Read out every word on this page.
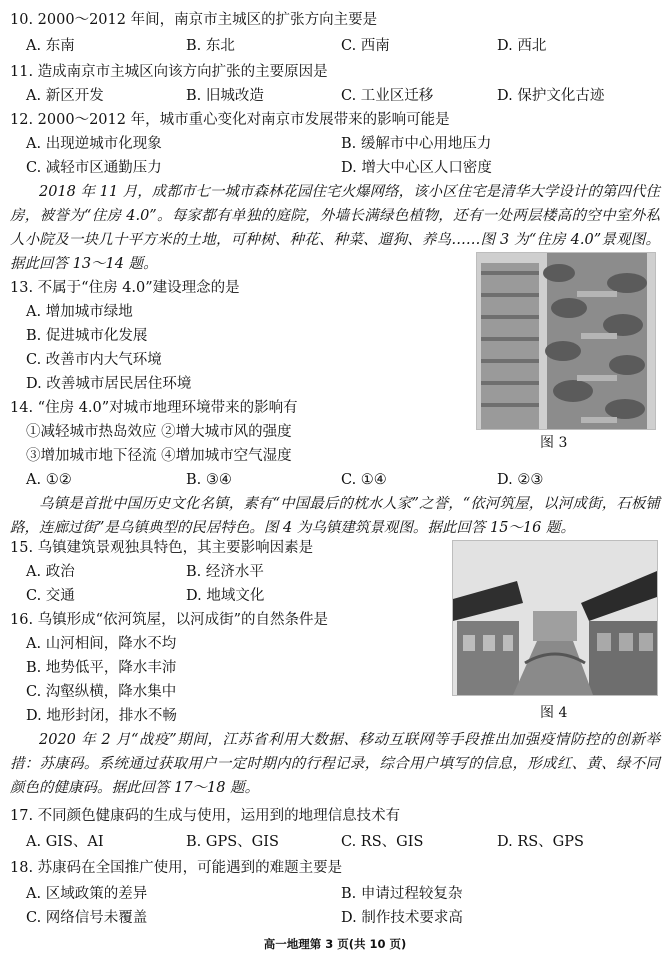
10. 2000～2012 年间，南京市主城区的扩张方向主要是
A. 东南	B. 东北	C. 西南	D. 西北
11. 造成南京市主城区向该方向扩张的主要原因是
A. 新区开发	B. 旧城改造	C. 工业区迁移	D. 保护文化古迹
12. 2000～2012 年，城市重心变化对南京市发展带来的影响可能是
A. 出现逆城市化现象	B. 缓解市中心用地压力
C. 减轻市区通勤压力	D. 增大中心区人口密度
2018 年 11 月，成都市七一城市森林花园住宅火爆网络，该小区住宅是清华大学设计的第四代住房，被誉为“住房 4.0”。每家都有单独的庭院，外墙长满绿色植物，还有一处两层楼高的空中室外私人小院及一块几十平方米的土地，可种树、种花、种菜、遛狗、养鸟……图 3 为“住房 4.0”景观图。据此回答 13～14 题。
图 3
13. 不属于“住房 4.0”建设理念的是
A. 增加城市绿地
B. 促进城市化发展
C. 改善市内大气环境
D. 改善城市居民居住环境
14. “住房 4.0”对城市地理环境带来的影响有
①减轻城市热岛效应 ②增大城市风的强度
③增加城市地下径流 ④增加城市空气湿度
A. ①②	B. ③④	C. ①④	D. ②③
乌镇是首批中国历史文化名镇，素有“中国最后的枕水人家”之誉，“依河筑屋，以河成街，石板铺路，连廊过街”是乌镇典型的民居特色。图 4 为乌镇建筑景观图。据此回答 15～16 题。
图 4
15. 乌镇建筑景观独具特色，其主要影响因素是
A. 政治	B. 经济水平
C. 交通	D. 地域文化
16. 乌镇形成“依河筑屋，以河成街”的自然条件是
A. 山河相间，降水不均
B. 地势低平，降水丰沛
C. 沟壑纵横，降水集中
D. 地形封闭，排水不畅
2020 年 2 月“战疫”期间，江苏省利用大数据、移动互联网等手段推出加强疫情防控的创新举措：苏康码。系统通过获取用户一定时期内的行程记录，综合用户填写的信息，形成红、黄、绿不同颜色的健康码。据此回答 17～18 题。
17. 不同颜色健康码的生成与使用，运用到的地理信息技术有
A. GIS、AI	B. GPS、GIS	C. RS、GIS	D. RS、GPS
18. 苏康码在全国推广使用，可能遇到的难题主要是
A. 区域政策的差异	B. 申请过程较复杂
C. 网络信号未覆盖	D. 制作技术要求高
高一地理第 3 页(共 10 页)
